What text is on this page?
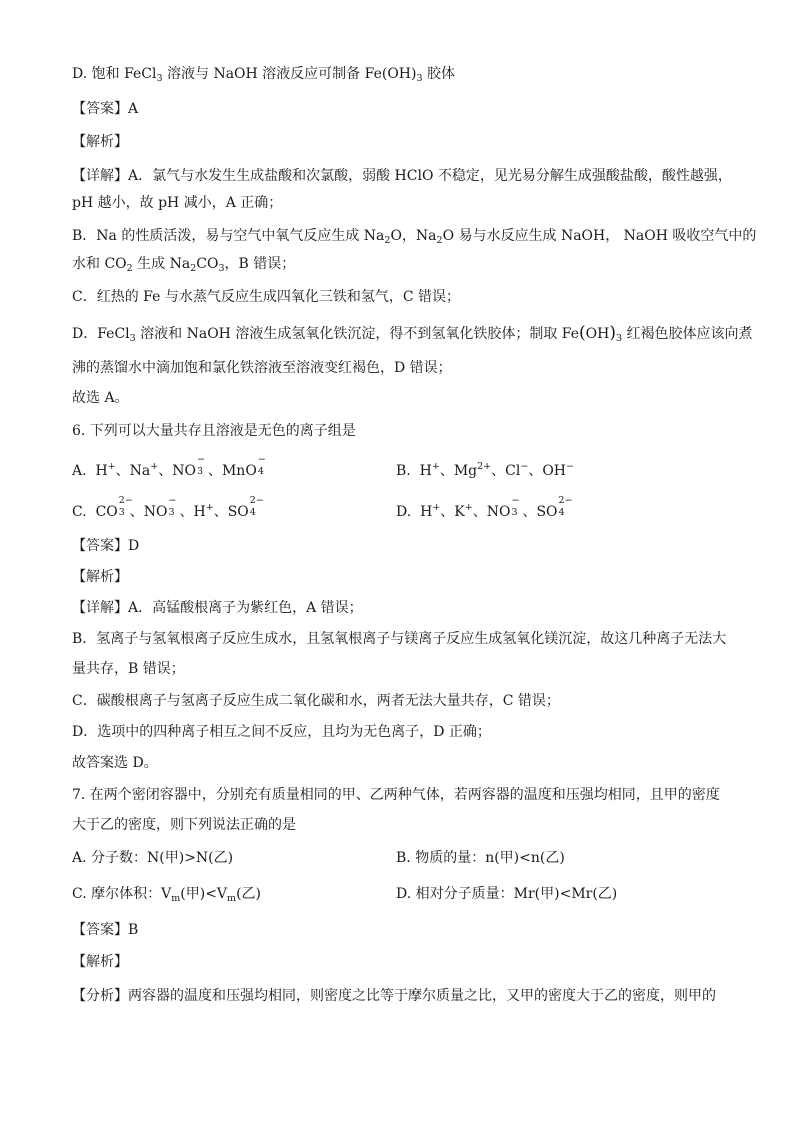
D. 饱和 FeCl$_3$ 溶液与 NaOH 溶液反应可制备 $Fe(OH)_3$ 胶体
【答案】A
【解析】
【详解】A．氯气与水发生生成盐酸和次氯酸，弱酸 HClO 不稳定，见光易分解生成强酸盐酸，酸性越强，
pH 越小，故 pH 减小，A 正确；
B．Na 的性质活泼，易与空气中氧气反应生成 $Na_2O$，$Na_2O$ 易与水反应生成 NaOH， NaOH 吸收空气中的
水和 $CO_2$ 生成 $Na_2CO_3$，B 错误；
C．红热的 Fe 与水蒸气反应生成四氧化三铁和氢气，C 错误；
D．FeCl$_3$ 溶液和 NaOH 溶液生成氢氧化铁沉淀，得不到氢氧化铁胶体；制取 $Fe(OH)_3$ 红褐色胶体应该向煮
沸的蒸馏水中滴加饱和氯化铁溶液至溶液变红褐色，D 错误；
故选 A。
6. 下列可以大量共存且溶液是无色的离子组是
A. H+、Na+、NO
−
3 、MnO
−
4	B. H+、$Mg^{2+}$、Cl−、OH−
C. CO
2−
3 、NO
−
3 、H+、SO
2−
4	D. H+、K+、NO
−
3 、SO
2−
4
【答案】D
【解析】
【详解】A．高锰酸根离子为紫红色，A 错误；
B．氢离子与氢氧根离子反应生成水，且氢氧根离子与镁离子反应生成氢氧化镁沉淀，故这几种离子无法大
量共存，B 错误；
C．碳酸根离子与氢离子反应生成二氧化碳和水，两者无法大量共存，C 错误；
D．选项中的四种离子相互之间不反应，且均为无色离子，D 正确；
故答案选 D。
7. 在两个密闭容器中，分别充有质量相同的甲、乙两种气体，若两容器的温度和压强均相同，且甲的密度
大于乙的密度，则下列说法正确的是
A. 分子数：N(甲)>N(乙)	B. 物质的量：n(甲)<n(乙)
C. 摩尔体积：$V_m$(甲)$<V_m$(乙)	D. 相对分子质量：Mr(甲)<Mr(乙)
【答案】B
【解析】
【分析】两容器的温度和压强均相同，则密度之比等于摩尔质量之比，又甲的密度大于乙的密度，则甲的
